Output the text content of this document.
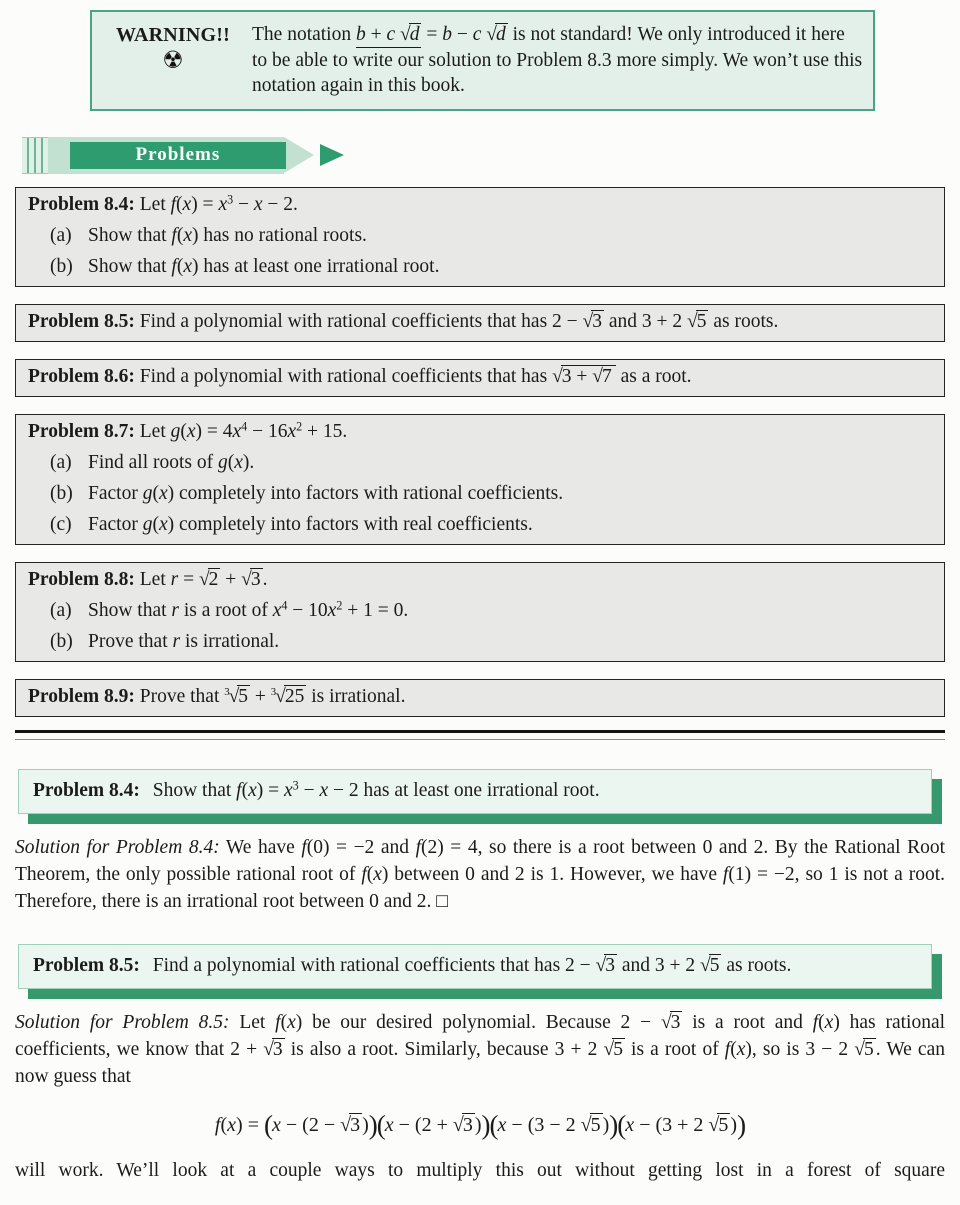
WARNING!!
☢
The notation b + c √d = b − c √d is not standard! We only introduced it here to be able to write our solution to Problem 8.3 more simply. We won’t use this notation again in this book.
Problems
Problem 8.4: Let $f(x) = x^3 - x - 2$.
(a) Show that f(x) has no rational roots.
(b) Show that f(x) has at least one irrational root.
Problem 8.5: Find a polynomial with rational coefficients that has 2 − √3 and 3 + 2 √5 as roots.
Problem 8.6: Find a polynomial with rational coefficients that has √3 + √7 as a root.
Problem 8.7: Let $g(x) = 4x^4 - 16x^2 + 15$.
(a) Find all roots of g(x).
(b) Factor g(x) completely into factors with rational coefficients.
(c) Factor g(x) completely into factors with real coefficients.
Problem 8.8: Let r = √2 + √3 .
(a) Show that r is a root of $x^4 - 10x^2 + 1 = 0$.
(b) Prove that r is irrational.
Problem 8.9: Prove that $^3$√5 + $^3$√25 is irrational.
Problem 8.4: Show that $f(x) = x^3 - x - 2$ has at least one irrational root.
Solution for Problem 8.4: We have f(0) = −2 and f(2) = 4, so there is a root between 0 and 2. By the Rational Root Theorem, the only possible rational root of f(x) between 0 and 2 is 1. However, we have f(1) = −2, so 1 is not a root. Therefore, there is an irrational root between 0 and 2. □
Problem 8.5: Find a polynomial with rational coefficients that has 2 − √3 and 3 + 2 √5 as roots.
Solution for Problem 8.5: Let f(x) be our desired polynomial. Because 2 − √3 is a root and f(x) has rational coefficients, we know that 2 + √3 is also a root. Similarly, because 3 + 2 √5 is a root of f(x), so is 3 − 2 √5 . We can now guess that
f(x) = (x − (2 − √3 ))(x − (2 + √3 ))(x − (3 − 2 √5 ))(x − (3 + 2 √5 ))
will work. We’ll look at a couple ways to multiply this out without getting lost in a forest of square
